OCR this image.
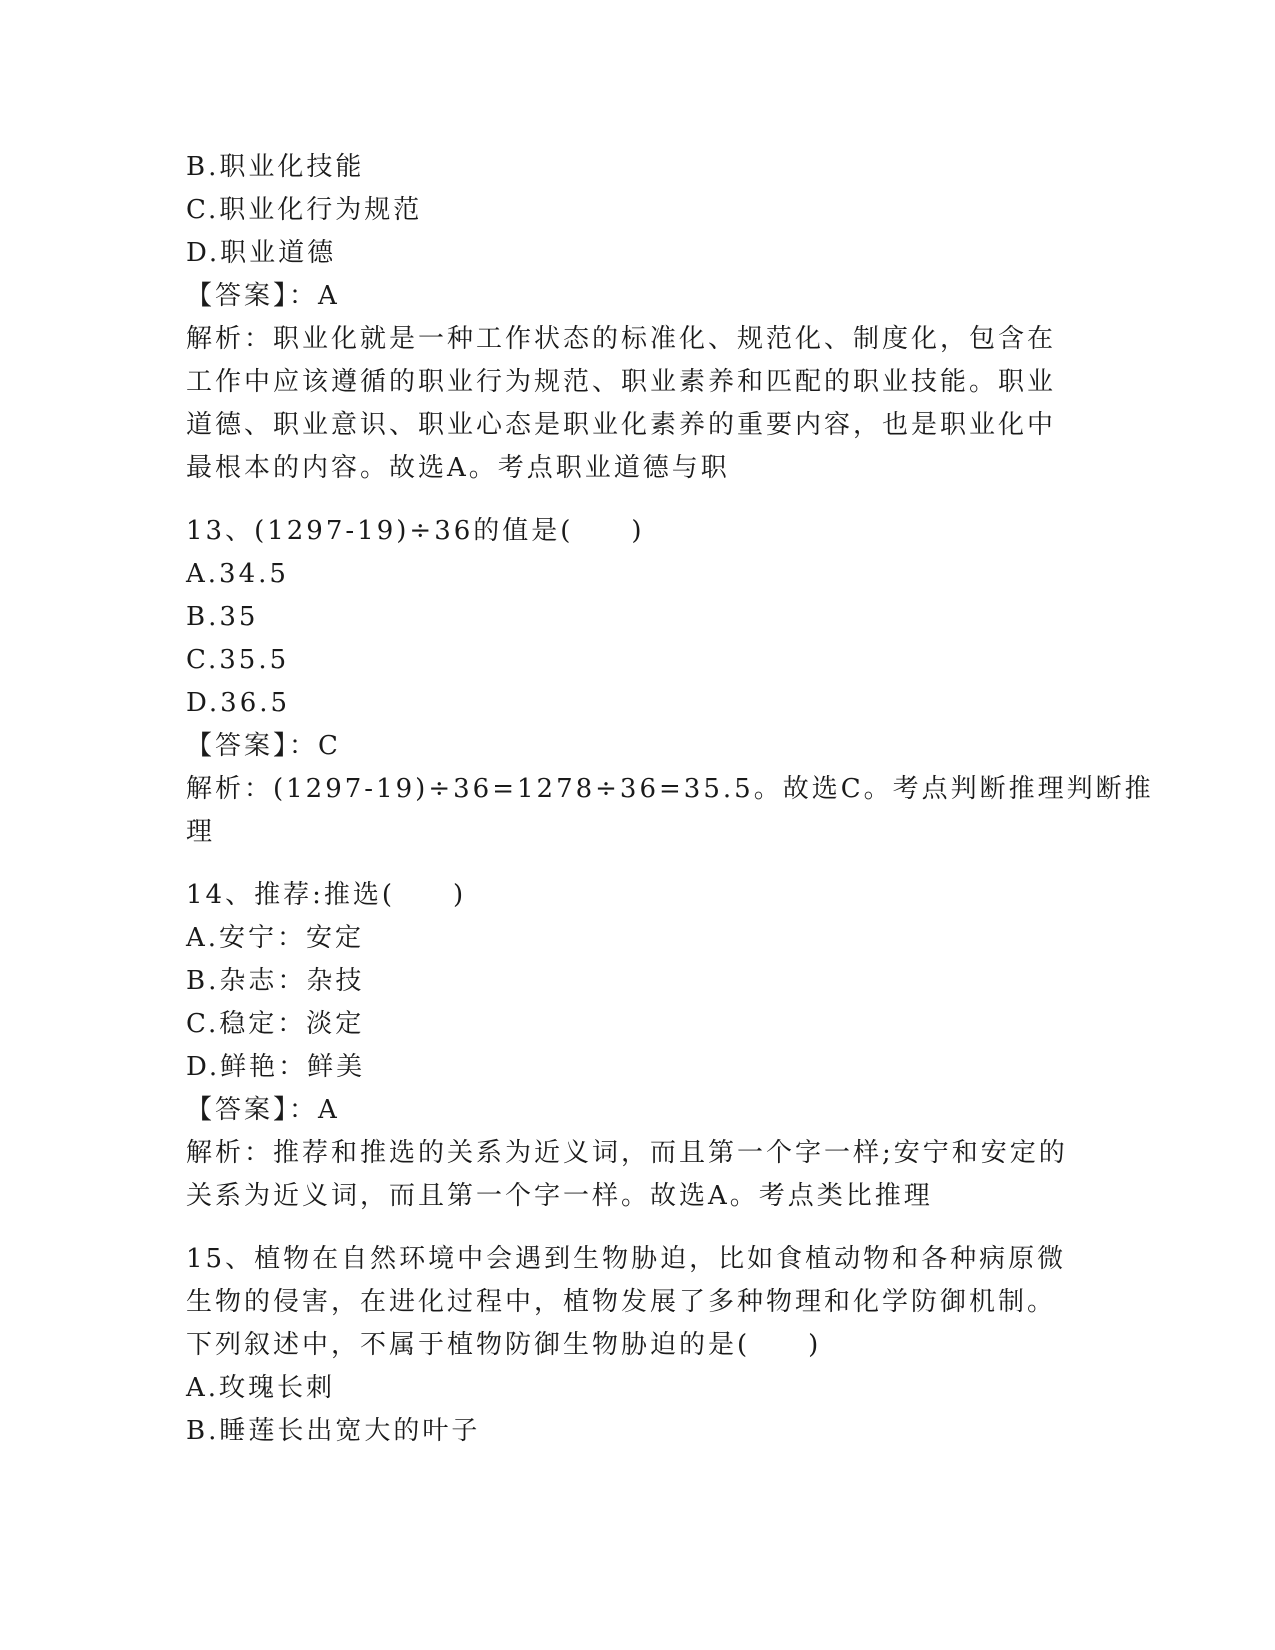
B.职业化技能
C.职业化行为规范
D.职业道德
【答案】：A
解析：职业化就是一种工作状态的标准化、规范化、制度化，包含在
工作中应该遵循的职业行为规范、职业素养和匹配的职业技能。职业
道德、职业意识、职业心态是职业化素养的重要内容，也是职业化中
最根本的内容。故选A。考点职业道德与职
13、(1297-19)÷36的值是(　　)
A.34.5
B.35
C.35.5
D.36.5
【答案】：C
解析：(1297-19)÷36=1278÷36=35.5。故选C。考点判断推理判断推
理
14、推荐:推选(　　)
A.安宁：安定
B.杂志：杂技
C.稳定：淡定
D.鲜艳：鲜美
【答案】：A
解析：推荐和推选的关系为近义词，而且第一个字一样;安宁和安定的
关系为近义词，而且第一个字一样。故选A。考点类比推理
15、植物在自然环境中会遇到生物胁迫，比如食植动物和各种病原微
生物的侵害，在进化过程中，植物发展了多种物理和化学防御机制。
下列叙述中，不属于植物防御生物胁迫的是(　　)
A.玫瑰长刺
B.睡莲长出宽大的叶子
